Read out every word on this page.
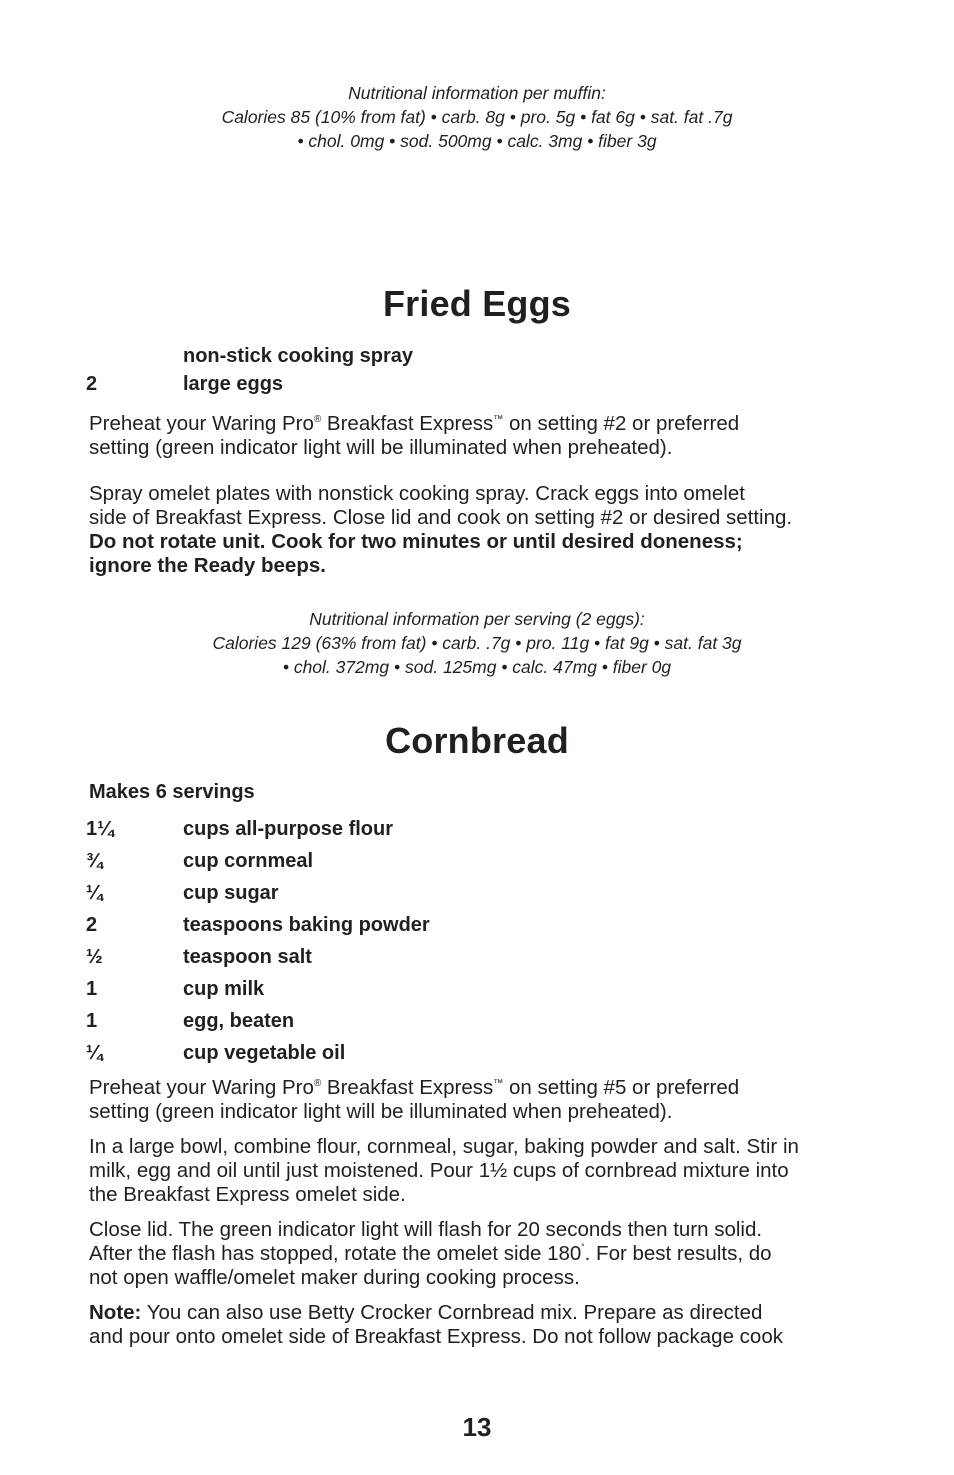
Nutritional information per muffin:
Calories 85 (10% from fat) • carb. 8g • pro. 5g • fat 6g • sat. fat .7g
• chol. 0mg • sod. 500mg • calc. 3mg • fiber 3g
Fried Eggs
non-stick cooking spray
2	large eggs
Preheat your Waring Pro® Breakfast Express™ on setting #2 or preferred
setting (green indicator light will be illuminated when preheated).
Spray omelet plates with nonstick cooking spray. Crack eggs into omelet
side of Breakfast Express. Close lid and cook on setting #2 or desired setting.
Do not rotate unit. Cook for two minutes or until desired doneness;
ignore the Ready beeps.
Nutritional information per serving (2 eggs):
Calories 129 (63% from fat) • carb. .7g • pro. 11g • fat 9g • sat. fat 3g
• chol. 372mg • sod. 125mg • calc. 47mg • fiber 0g
Cornbread
Makes 6 servings
1¼	cups all-purpose flour
¾	cup cornmeal
¼	cup sugar
2	teaspoons baking powder
½	teaspoon salt
1	cup milk
1	egg, beaten
¼	cup vegetable oil
Preheat your Waring Pro® Breakfast Express™ on setting #5 or preferred
setting (green indicator light will be illuminated when preheated).
In a large bowl, combine flour, cornmeal, sugar, baking powder and salt. Stir in
milk, egg and oil until just moistened. Pour 1½ cups of cornbread mixture into
the Breakfast Express omelet side.
Close lid. The green indicator light will flash for 20 seconds then turn solid.
After the flash has stopped, rotate the omelet side 180˚. For best results, do
not open waffle/omelet maker during cooking process.
Note: You can also use Betty Crocker Cornbread mix. Prepare as directed
and pour onto omelet side of Breakfast Express. Do not follow package cook
13
